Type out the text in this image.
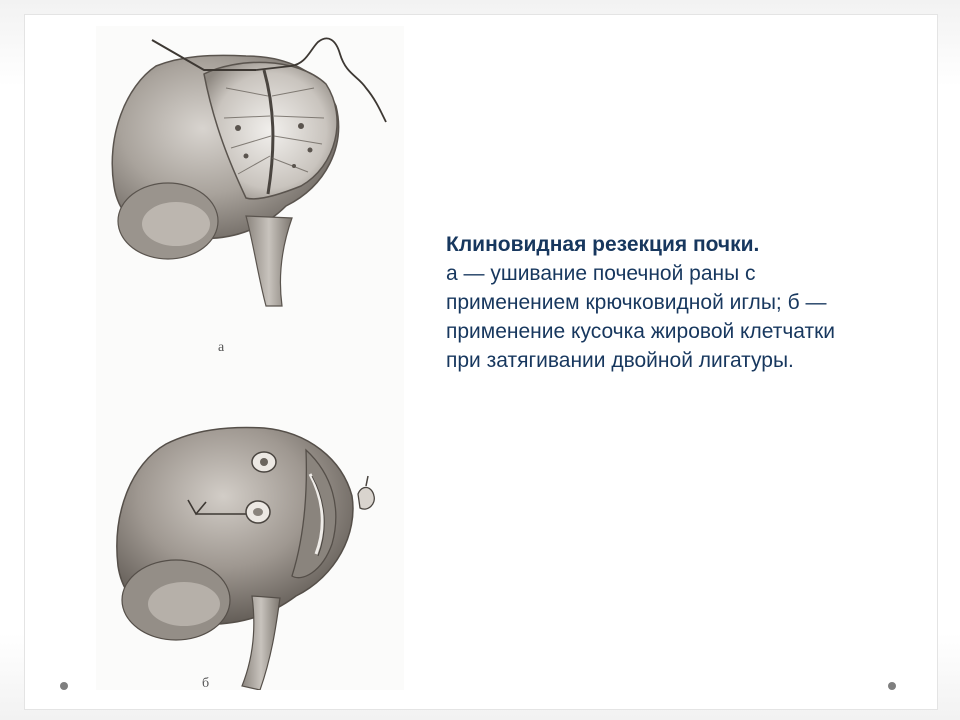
а
б
Клиновидная резекция почки.
а — ушивание почечной раны с
применением крючковидной иглы; б —
применение кусочка жировой клетчатки
при затягивании двойной лигатуры.
